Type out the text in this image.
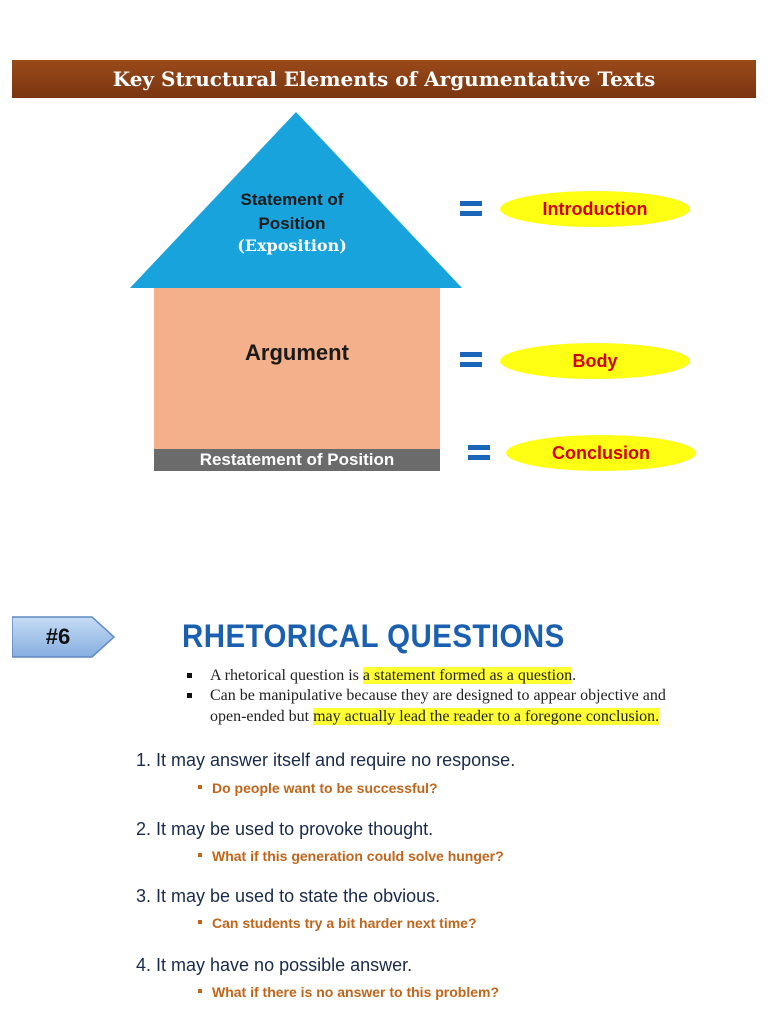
Key Structural Elements of Argumentative Texts
Statement of
Position
(Exposition)
Argument
Restatement of Position
Introduction
Body
Conclusion
#6	RHETORICAL QUESTIONS
A rhetorical question is a statement formed as a question.
Can be manipulative because they are designed to appear objective and
open-ended but may actually lead the reader to a foregone conclusion.
1. It may answer itself and require no response.
Do people want to be successful?
2. It may be used to provoke thought.
What if this generation could solve hunger?
3. It may be used to state the obvious.
Can students try a bit harder next time?
4. It may have no possible answer.
What if there is no answer to this problem?
